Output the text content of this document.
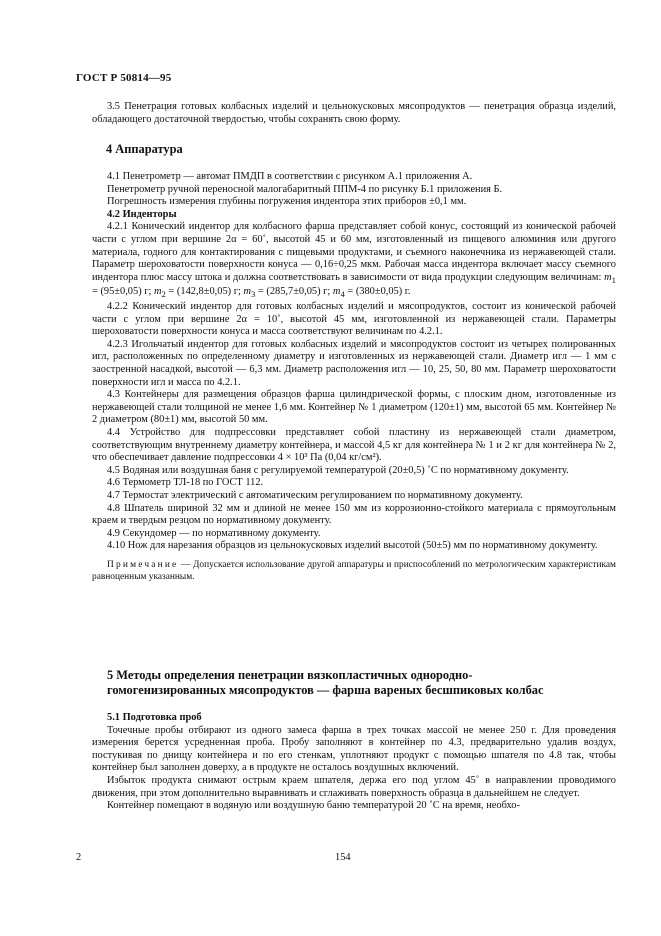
ГОСТ Р 50814—95

3.5 Пенетрация готовых колбасных изделий и цельнокусковых мясопродуктов — пенетрация образца изделий, обладающего достаточной твердостью, чтобы сохранять свою форму.

4 Аппаратура

4.1 Пенетрометр — автомат ПМДП в соответствии с рисунком А.1 приложения А.

Пенетрометр ручной переносной малогабаритный ППМ-4 по рисунку Б.1 приложения Б.

Погрешность измерения глубины погружения индентора этих приборов ±0,1 мм.

4.2 Инденторы

4.2.1 Конический индентор для колбасного фарша представляет собой конус, состоящий из конической рабочей части с углом при вершине 2α = 60˚, высотой 45 и 60 мм, изготовленный из пищевого алюминия или другого материала, годного для контактирования с пищевыми продуктами, и съемного наконечника из нержавеющей стали. Параметр шероховатости поверхности конуса — 0,16÷0,25 мкм. Рабочая масса индентора включает массу съемного индентора плюс массу штока и должна соответствовать в зависимости от вида продукции следующим величинам: $m_1 = (95\pm 0,05)$ г; $m_2 = (142,8\pm 0,05)$ г; $m_3 = (285,7\pm 0,05)$ г; $m_4 = (380\pm 0,05)$ г.

4.2.2 Конический индентор для готовых колбасных изделий и мясопродуктов, состоит из конической рабочей части с углом при вершине 2α = 10˚, высотой 45 мм, изготовленной из нержавеющей стали. Параметры шероховатости поверхности конуса и масса соответствуют величинам по 4.2.1.

4.2.3 Игольчатый индентор для готовых колбасных изделий и мясопродуктов состоит из четырех полированных игл, расположенных по определенному диаметру и изготовленных из нержавеющей стали. Диаметр игл — 1 мм с заостренной насадкой, высотой — 6,3 мм. Диаметр расположения игл — 10, 25, 50, 80 мм. Параметр шероховатости поверхности игл и масса по 4.2.1.

4.3 Контейнеры для размещения образцов фарша цилиндрической формы, с плоским дном, изготовленные из нержавеющей стали толщиной не менее 1,6 мм. Контейнер № 1 диаметром (120±1) мм, высотой 65 мм. Контейнер № 2 диаметром (80±1) мм, высотой 50 мм.

4.4 Устройство для подпрессовки представляет собой пластину из нержавеющей стали диаметром, соответствующим внутреннему диаметру контейнера, и массой 4,5 кг для контейнера № 1 и 2 кг для контейнера № 2, что обеспечивает давление подпрессовки 4 × 10³ Па (0,04 кг/см²).

4.5 Водяная или воздушная баня с регулируемой температурой (20±0,5) ˚С по нормативному документу.

4.6 Термометр ТЛ-18 по ГОСТ 112.

4.7 Термостат электрический с автоматическим регулированием по нормативному документу.

4.8 Шпатель шириной 32 мм и длиной не менее 150 мм из коррозионно-стойкого материала с прямоугольным краем и твердым резцом по нормативному документу.

4.9 Секундомер — по нормативному документу.

4.10 Нож для нарезания образцов из цельнокусковых изделий высотой (50±5) мм по нормативному документу.

Примечание — Допускается использование другой аппаратуры и приспособлений по метрологическим характеристикам равноценным указанным.

5 Методы определения пенетрации вязкопластичных однородно-
гомогенизированных мясопродуктов — фарша вареных бесшпиковых колбас

5.1 Подготовка проб

Точечные пробы отбирают из одного замеса фарша в трех точках массой не менее 250 г. Для проведения измерения берется усредненная проба. Пробу заполняют в контейнер по 4.3, предварительно удалив воздух, постукивая по днищу контейнера и по его стенкам, уплотняют продукт с помощью шпателя по 4.8 так, чтобы контейнер был заполнен доверху, а в продукте не осталось воздушных включений.

Избыток продукта снимают острым краем шпателя, держа его под углом 45˚ в направлении проводимого движения, при этом дополнительно выравнивать и сглаживать поверхность образца в дальнейшем не следует.

Контейнер помещают в водяную или воздушную баню температурой 20 ˚С на время, необхо-

2	154
